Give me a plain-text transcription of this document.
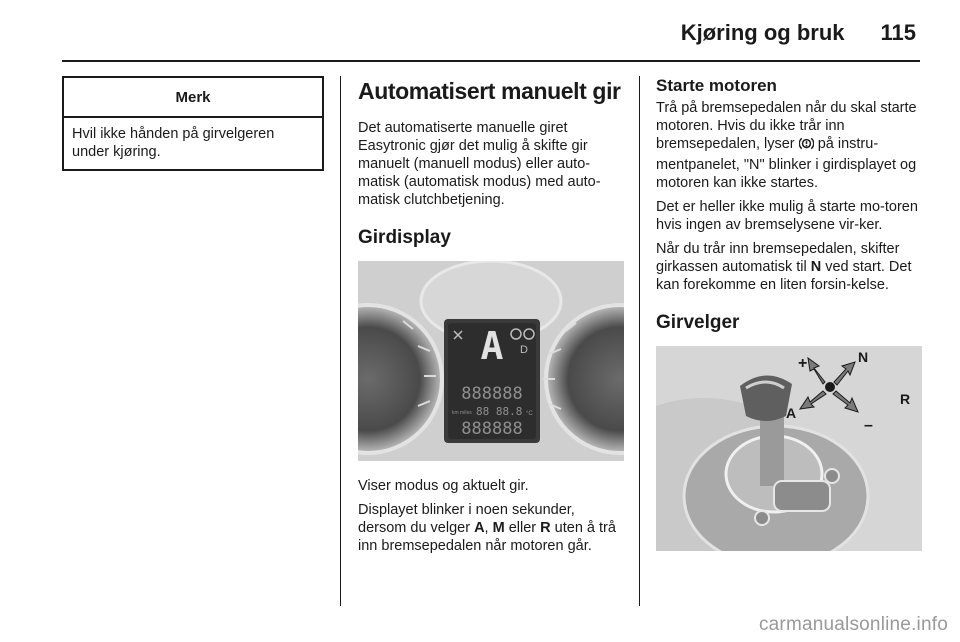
Kjøring og bruk 115
Merk
Hvil ikke hånden på girvelgeren under kjøring.
Automatisert manuelt gir

Det automatiserte manuelle giret Easytronic gjør det mulig å skifte gir manuelt (manuell modus) eller auto-matisk (automatisk modus) med auto-matisk clutchbetjening.

Girdisplay
A D
888888
km miles 88 88.8 °C
888888

Viser modus og aktuelt gir.

Displayet blinker i noen sekunder, dersom du velger A, M eller R uten å trå inn bremsepedalen når motoren går.

Starte motoren

Trå på bremsepedalen når du skal starte motoren. Hvis du ikke trår inn bremsepedalen, lyser  på instru-mentpanelet, "N" blinker i girdisplayet og motoren kan ikke startes.

Det er heller ikke mulig å starte mo-toren hvis ingen av bremselysene vir-ker.

Når du trår inn bremsepedalen, skifter girkassen automatisk til N ved start. Det kan forekomme en liten forsin-kelse.

Girvelger
+	N
R
A
–
carmanualsonline.info
